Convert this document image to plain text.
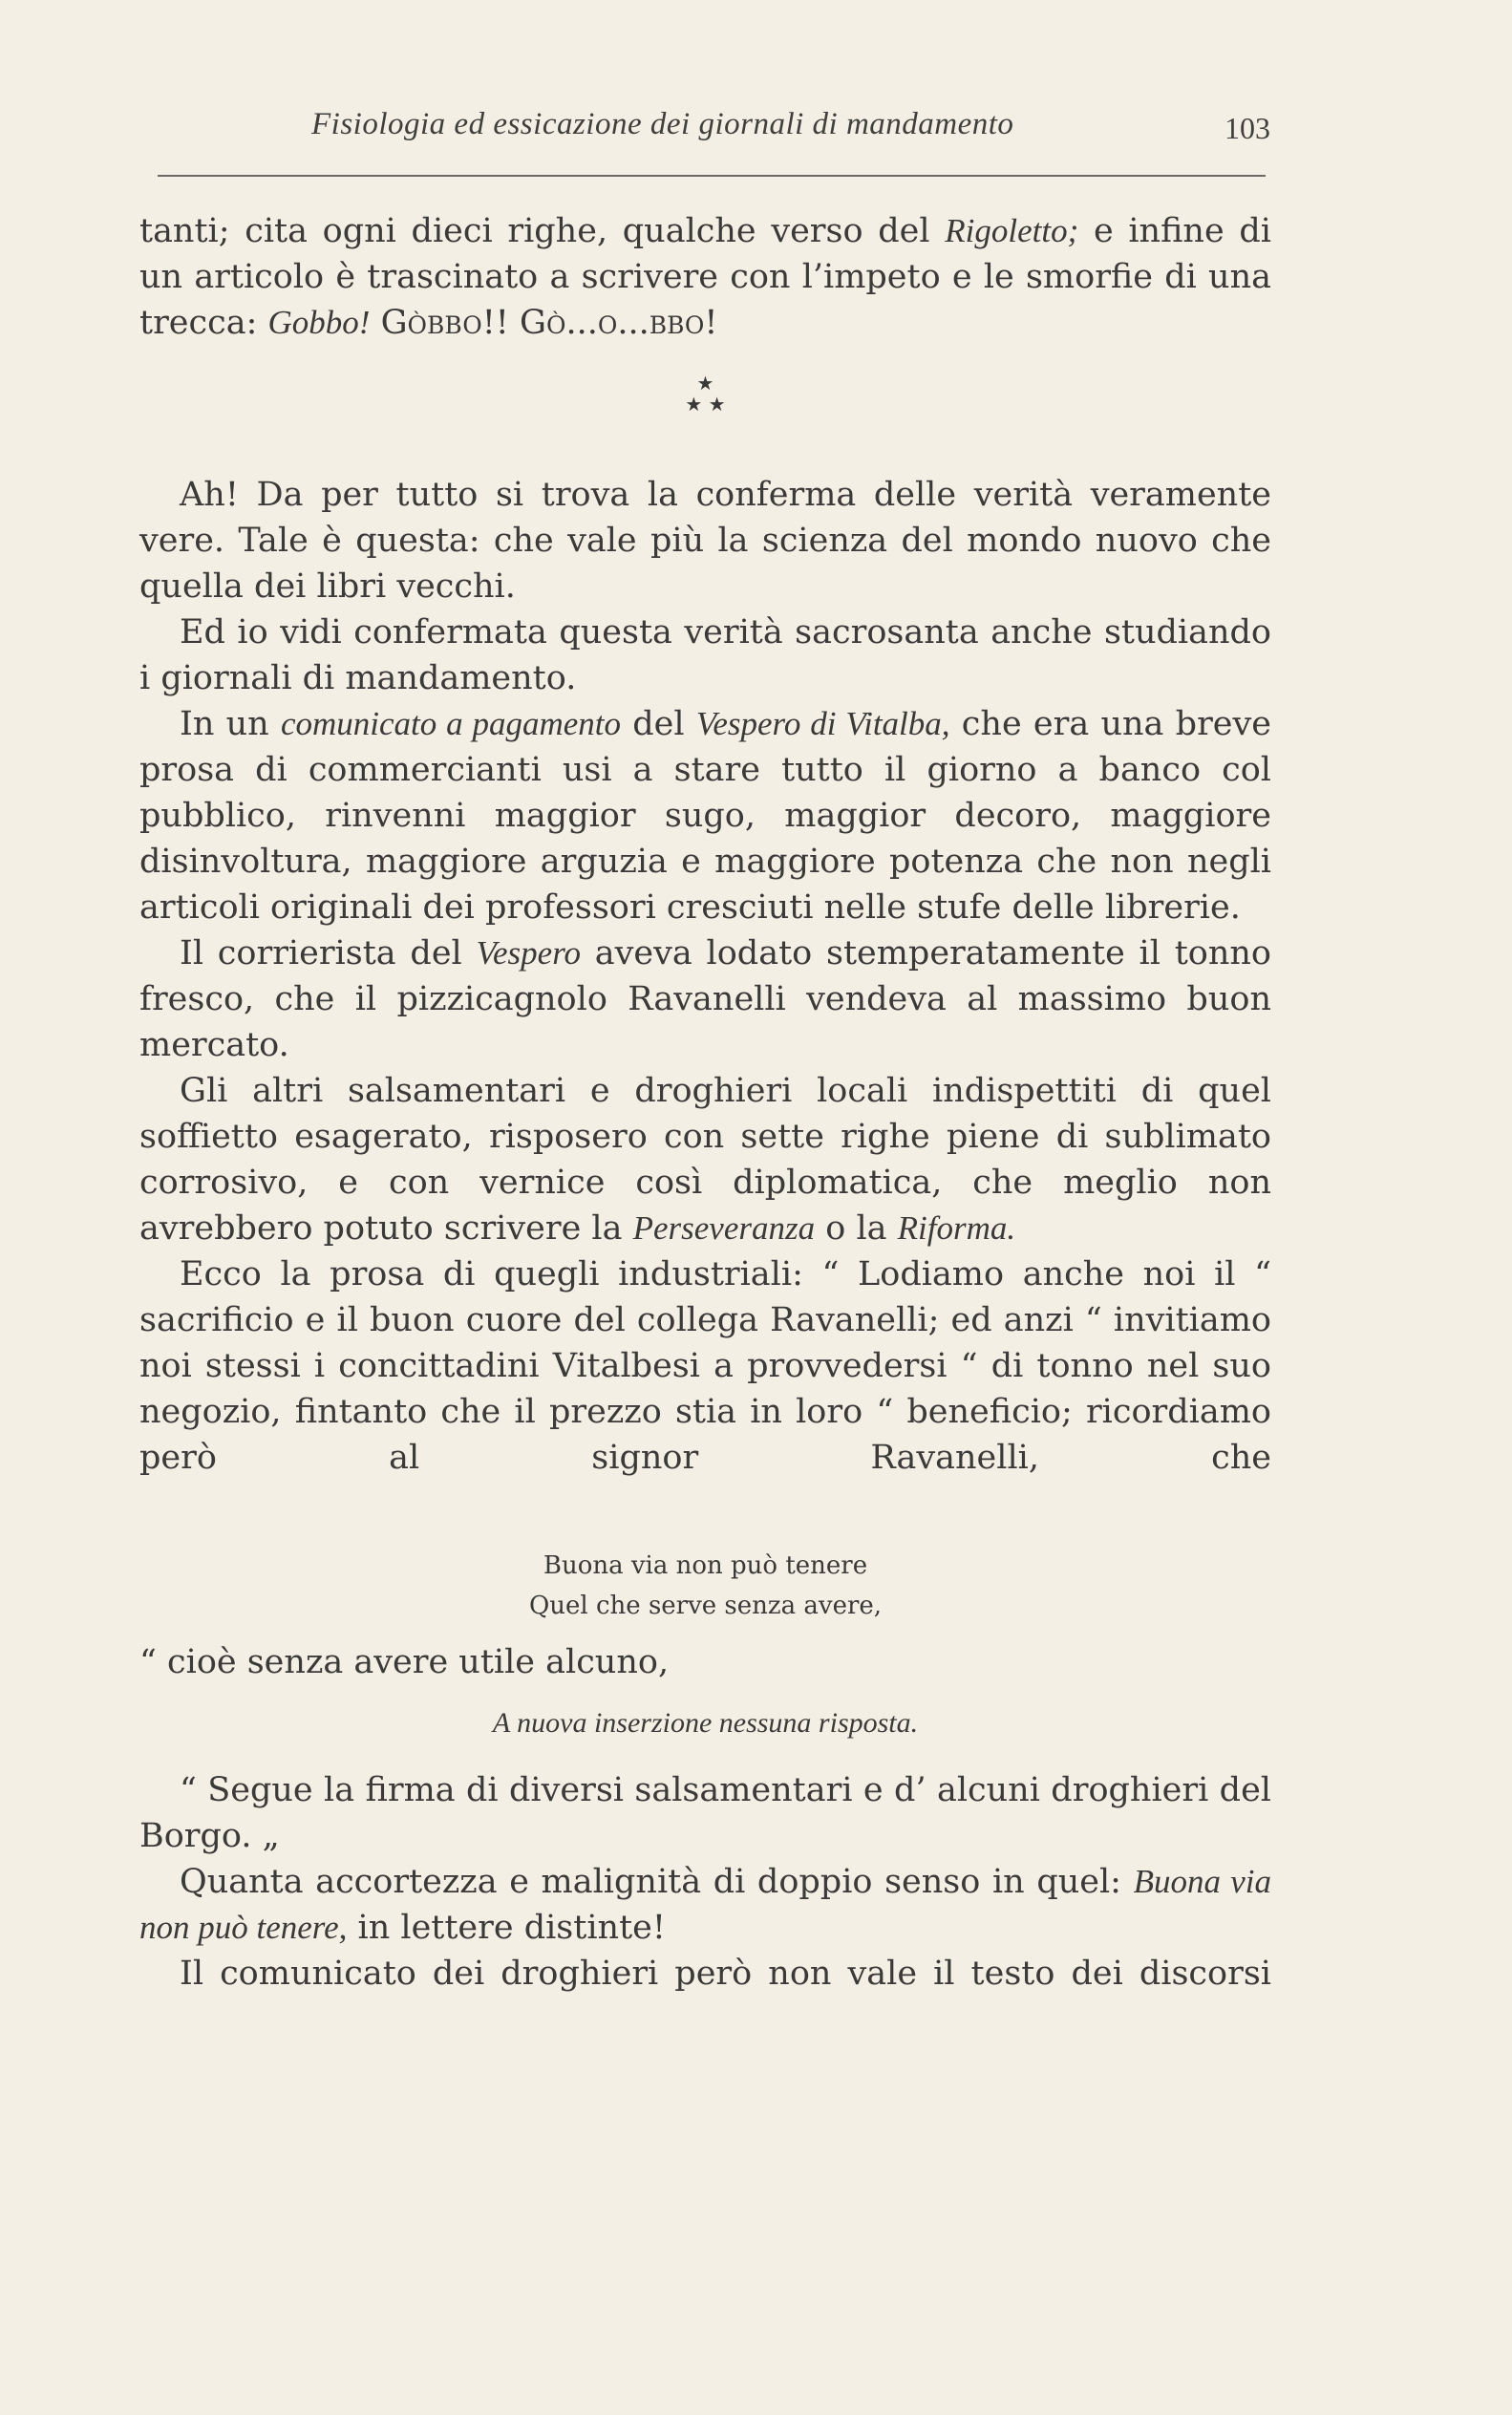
Fisiologia ed essicazione dei giornali di mandamento	103

tanti; cita ogni dieci righe, qualche verso del Rigoletto; e infine di un articolo è trascinato a scrivere con l’impeto e le smorfie di una trecca: Gobbo! Gòbbo!! Gò...o...bbo!

★
★ ★

Ah! Da per tutto si trova la conferma delle verità veramente vere. Tale è questa: che vale più la scienza del mondo nuovo che quella dei libri vecchi.

Ed io vidi confermata questa verità sacrosanta anche studiando i giornali di mandamento.

In un comunicato a pagamento del Vespero di Vitalba, che era una breve prosa di commercianti usi a stare tutto il giorno a banco col pubblico, rinvenni maggior sugo, maggior decoro, maggiore disinvoltura, maggiore arguzia e maggiore potenza che non negli articoli originali dei professori cresciuti nelle stufe delle librerie.

Il corrierista del Vespero aveva lodato stemperatamente il tonno fresco, che il pizzicagnolo Ravanelli vendeva al massimo buon mercato.

Gli altri salsamentari e droghieri locali indispettiti di quel soffietto esagerato, risposero con sette righe piene di sublimato corrosivo, e con vernice così diplomatica, che meglio non avrebbero potuto scrivere la Perseveranza o la Riforma.

Ecco la prosa di quegli industriali: “ Lodiamo anche noi il “ sacrificio e il buon cuore del collega Ravanelli; ed anzi “ invitiamo noi stessi i concittadini Vitalbesi a provvedersi “ di tonno nel suo negozio, fintanto che il prezzo stia in loro “ beneficio; ricordiamo però al signor Ravanelli, che

Buona via non può tenere
Quel che serve senza avere,

“ cioè senza avere utile alcuno,

A nuova inserzione nessuna risposta.

“ Segue la firma di diversi salsamentari e d’ alcuni droghieri del Borgo. „

Quanta accortezza e malignità di doppio senso in quel: Buona via non può tenere, in lettere distinte!

Il comunicato dei droghieri però non vale il testo dei discorsi
